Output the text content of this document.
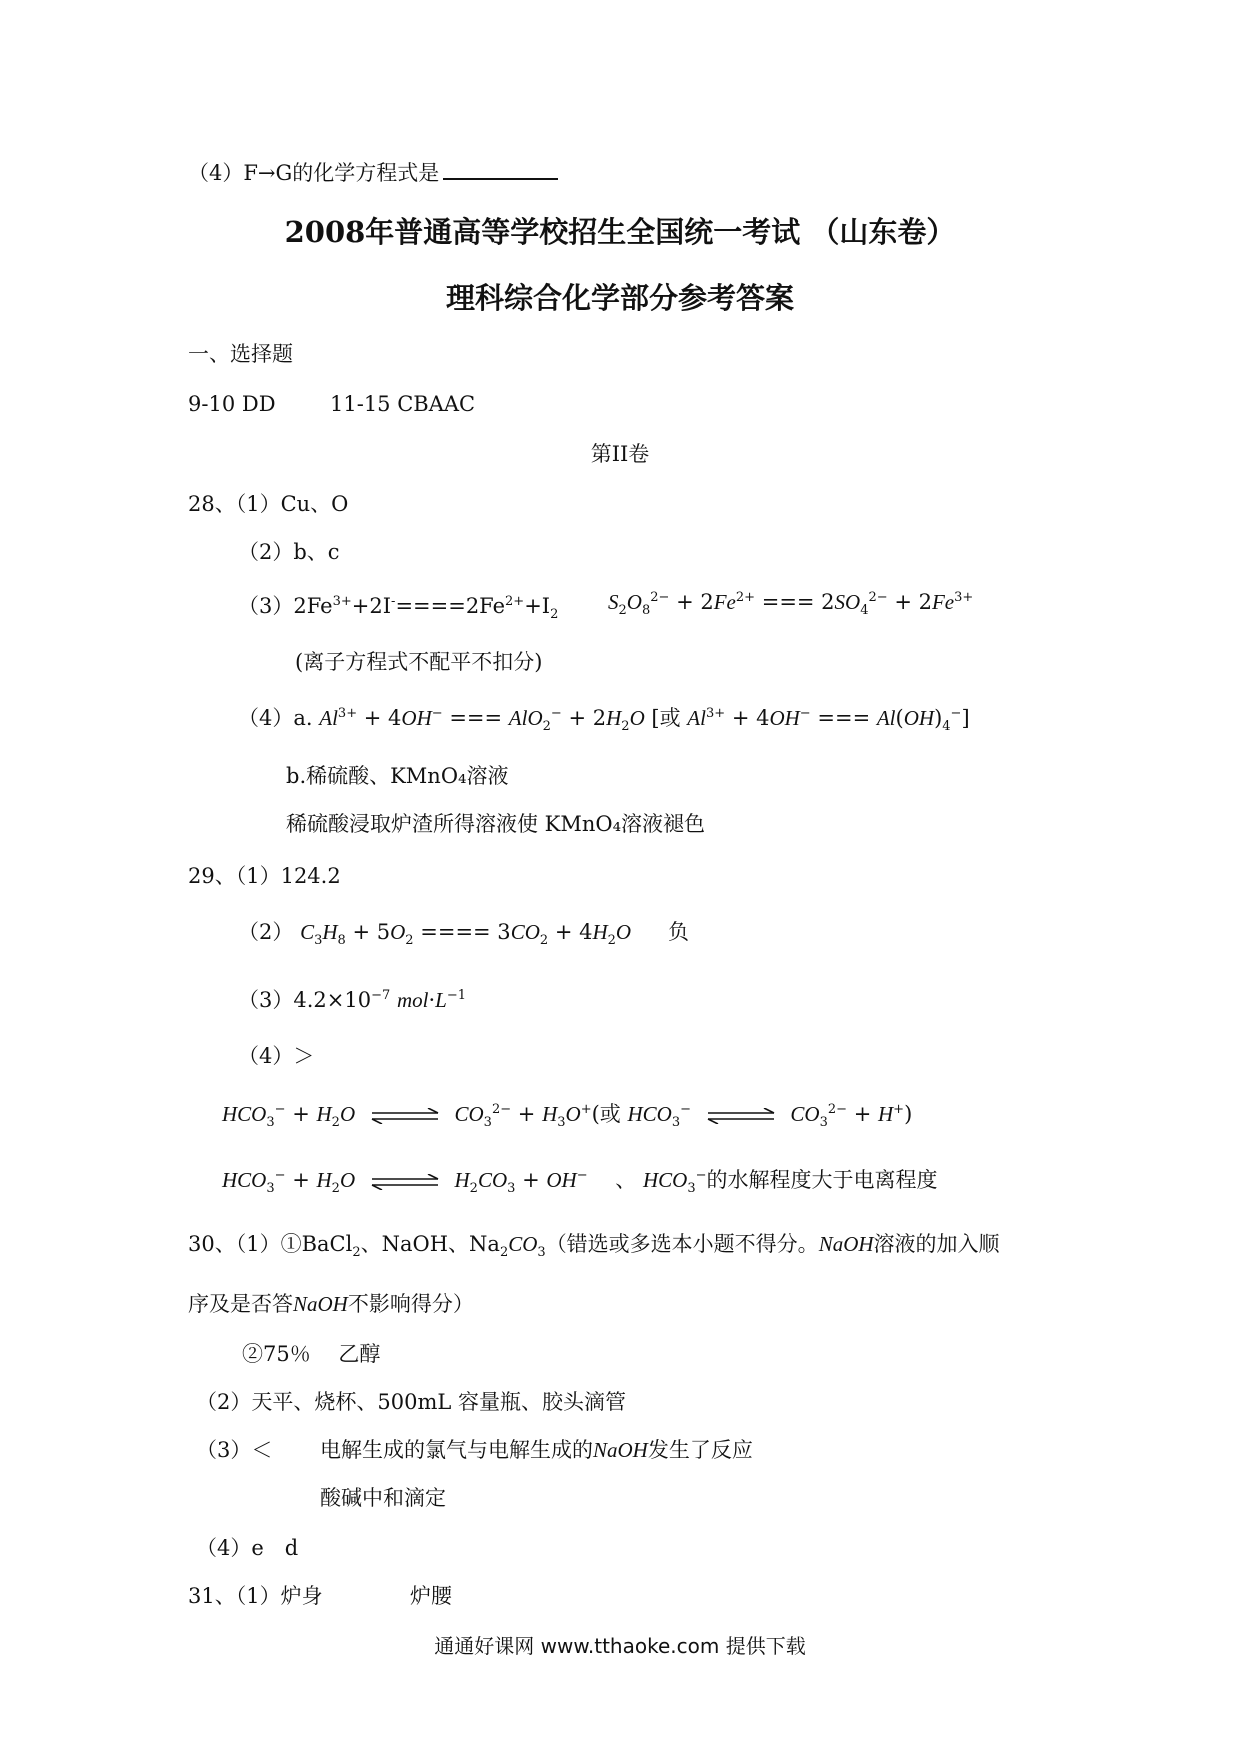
（4）F→G的化学方程式是
2008年普通高等学校招生全国统一考试 （山东卷）
理科综合化学部分参考答案
一、选择题
9-10 DD	11-15 CBAAC
第II卷
28、（1）Cu、O
（2）b、c
$(3)2Fe^{3+}+2I^-====2Fe^{2+}+I_2$
$S_2O_8^{2-} + 2Fe^{2+}$ === $2SO_4^{2-} + 2Fe^{3+}$
(离子方程式不配平不扣分)
（4）a. $Al^{3+} + 4OH^-$ === $AlO_2^- + 2H_2O$ [或 $Al^{3+} + 4OH^-$ === $Al(OH)_4^-$]
b.稀硫酸、KMnO₄溶液
稀硫酸浸取炉渣所得溶液使 KMnO₄溶液褪色
29、（1）124.2
（2） $C_3H_8 + 5O_2$ ==== $3CO_2 + 4H_2O$ 负
$(3)4.2\times 10^{-7}$ $mol\cdot L^{-1}$
（4）＞
$HCO_3^- + H_2O$ ⇌ $CO_3^{2-} + H_3O^+$(或 $HCO_3^-$ ⇌ $CO_3^{2-} + H^+$)
$HCO_3^- + H_2O$ ⇌ $H_2CO_3 + OH^-$　 、 $HCO_3^-$的水解程度大于电离程度
30、（1）①BaCl$_2$、NaOH、$Na_2CO_3$（错选或多选本小题不得分。NaOH溶液的加入顺
序及是否答NaOH不影响得分）
②75％　 乙醇
（2）天平、烧杯、500mL 容量瓶、胶头滴管
（3）＜ 电解生成的氯气与电解生成的NaOH发生了反应
酸碱中和滴定
（4）e　d
31、（1）炉身	炉腰
通通好课网 www.tthaoke.com 提供下载
